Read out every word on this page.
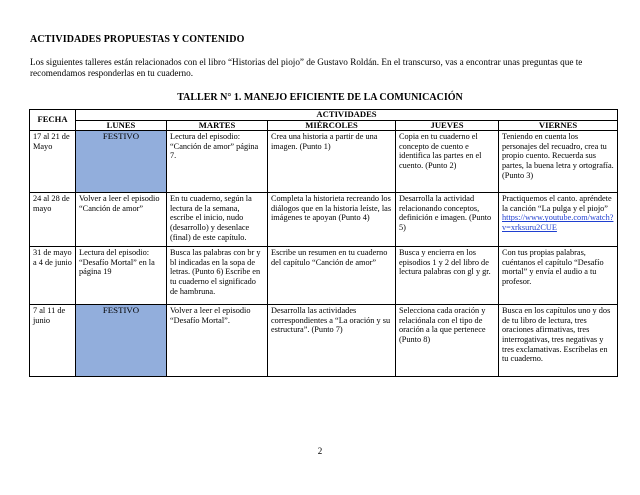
ACTIVIDADES PROPUESTAS Y CONTENIDO
Los siguientes talleres están relacionados con el libro “Historias del piojo” de Gustavo Roldán. En el transcurso, vas a encontrar unas preguntas que te recomendamos responderlas en tu cuaderno.
TALLER N° 1. MANEJO EFICIENTE DE LA COMUNICACIÓN
FECHA	ACTIVIDADES				
	LUNES	MARTES	MIÉRCOLES	JUEVES	VIERNES
17 al 21 de Mayo	FESTIVO	Lectura del episodio: “Canción de amor” página 7.	Crea una historia a partir de una imagen. (Punto 1)	Copia en tu cuaderno el concepto de cuento e identifica las partes en el cuento. (Punto 2)	Teniendo en cuenta los personajes del recuadro, crea tu propio cuento. Recuerda sus partes, la buena letra y ortografía. (Punto 3)
24 al 28 de mayo	Volver a leer el episodio “Canción de amor”	En tu cuaderno, según la lectura de la semana, escribe el inicio, nudo (desarrollo) y desenlace (final) de este capítulo.	Completa la historieta recreando los diálogos que en la historia leíste, las imágenes te apoyan (Punto 4)	Desarrolla la actividad relacionando conceptos, definición e imagen. (Punto 5)	Practiquemos el canto. apréndete la canción “La pulga y el piojo” https://www.youtube.com/watch?v=xrksuru2CUE
31 de mayo a 4 de junio	Lectura del episodio: “Desafío Mortal” en la página 19	Busca las palabras con br y bl indicadas en la sopa de letras. (Punto 6) Escribe en tu cuaderno el significado de hambruna.	Escribe un resumen en tu cuaderno del capítulo “Canción de amor”	Busca y encierra en los episodios 1 y 2 del libro de lectura palabras con gl y gr.	Con tus propias palabras, cuéntanos el capítulo “Desafío mortal” y envía el audio a tu profesor.
7 al 11 de junio	FESTIVO	Volver a leer el episodio “Desafío Mortal”.	Desarrolla las actividades correspondientes a “La oración y su estructura”. (Punto 7)	Selecciona cada oración y relaciónala con el tipo de oración a la que pertenece (Punto 8)	Busca en los capítulos uno y dos de tu libro de lectura, tres oraciones afirmativas, tres interrogativas, tres negativas y tres exclamativas. Escríbelas en tu cuaderno.
2
